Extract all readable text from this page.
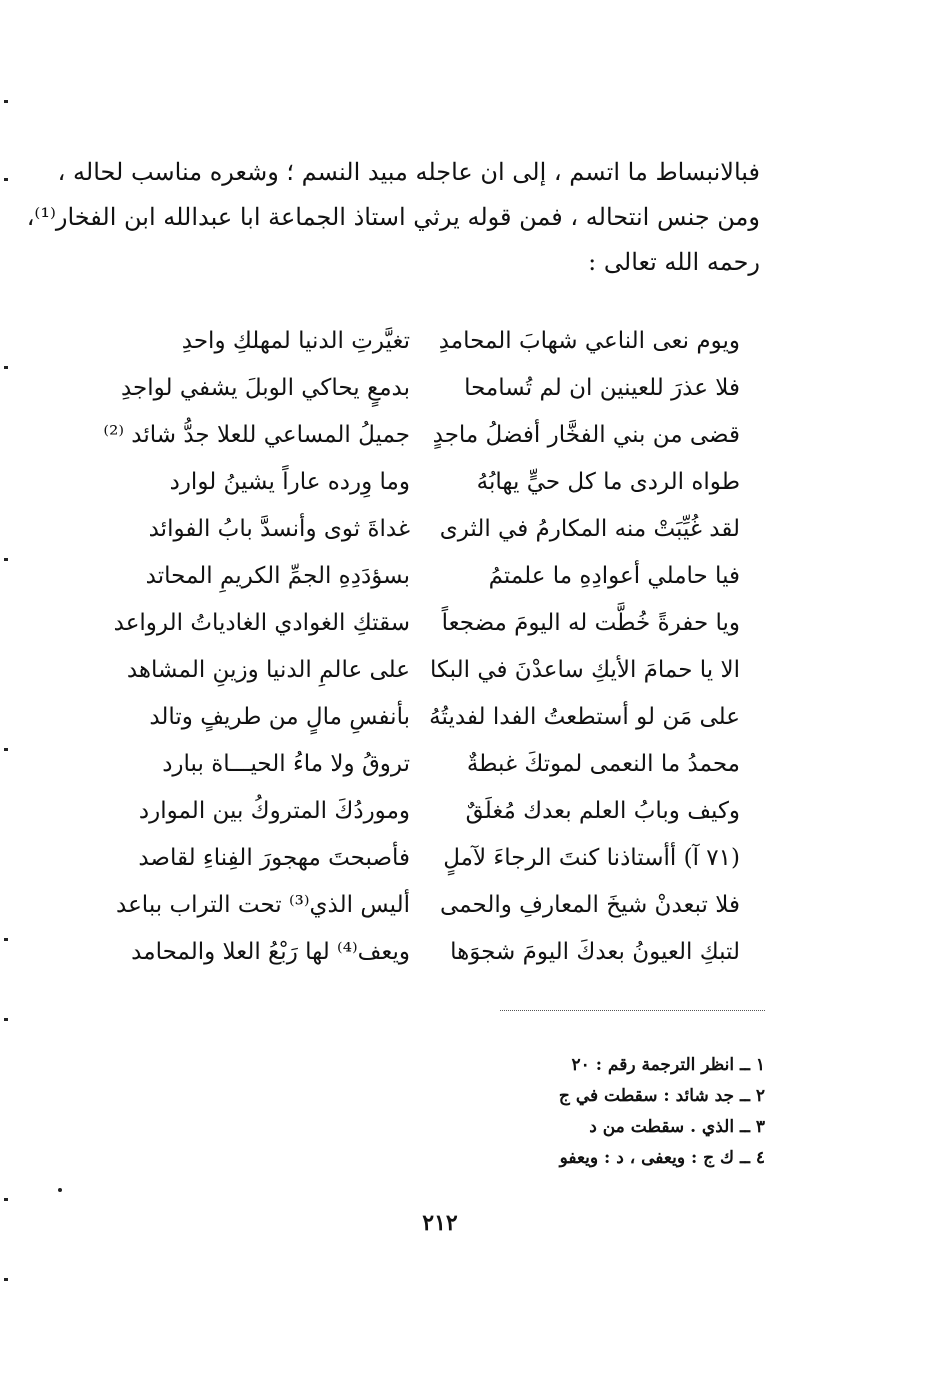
فبالانبساط ما اتسم ، إلى ان عاجله مبيد النسم ؛ وشعره مناسب لحاله ،
ومن جنس انتحاله ، فمن قوله يرثي استاذ الجماعة ابا عبدالله ابن الفخار⁽¹⁾،
رحمه الله تعالى :
ويوم نعى الناعي شهابَ المحامدِ
تغيَّرتِ الدنيا لمهلكِ واحدِ
فلا عذرَ للعينين ان لم تُسامحا
بدمعٍ يحاكي الوبلَ يشفي لواجدِ
قضى من بني الفخَّار أفضلُ ماجدٍ
جميلُ المساعي للعلا جدُّ شائد ⁽²⁾
طواه الردى ما كل حيٍّ يهابُهُ
وما وِرده عاراً يشينُ لوارد
لقد غُيِّبَتْ منه المكارمُ في الثرى
غداةَ ثوى وأنسدَّ بابُ الفوائد
فيا حاملي أعوادِهِ ما علمتمُ
بسؤدَدِهِ الجمِّ الكريمِ المحاتد
ويا حفرةً خُطَّت له اليومَ مضجعاً
سقتكِ الغوادي الغادياتُ الرواعد
الا يا حمامَ الأيكِ ساعدْنَ في البكا
على عالمِ الدنيا وزينِ المشاهد
على مَن لو أستطعتُ الفدا لفديتُهُ
بأنفسِ مالٍ من طريفٍ وتالد
محمدُ ما النعمى لموتكَ غبطةٌ
تروقُ ولا ماءُ الحيـــاة ببارد
وكيف وبابُ العلم بعدك مُغلَقٌ
وموردُكَ المتروكُ بين الموارد
(٧١ آ) أأستاذنا كنتَ الرجاءَ لآملٍ
فأصبحتَ مهجورَ الفِناءِ لقاصد
فلا تبعدنْ شيخَ المعارفِ والحمى
أليس الذي⁽³⁾ تحت التراب بباعد
لتبكِ العيونُ بعدكَ اليومَ شجوَها
ويعف⁽⁴⁾ لها رَبْعُ العلا والمحامد
١ ــ انظر الترجمة رقم : ٢٠
٢ ــ جد شائد : سقطت في ج
٣ ــ الذي . سقطت من د
٤ ــ ك ج : ويعفى ، د : ويعفو
٢١٢
